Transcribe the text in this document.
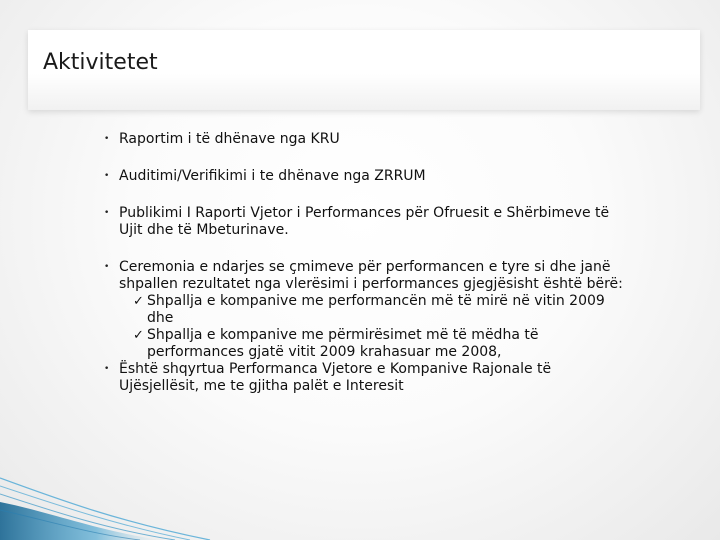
Aktivitetet
• Raportim i të dhënave nga KRU
• Auditimi/Verifikimi i te dhënave nga ZRRUM
• Publikimi I Raporti Vjetor i Performances për Ofruesit e Shërbimeve të
Ujit dhe të Mbeturinave.
• Ceremonia e ndarjes se çmimeve për performancen e tyre si dhe janë
shpallen rezultatet nga vlerësimi i performances gjegjësisht është bërë:
✓ Shpallja e kompanive me performancën më të mirë në vitin 2009
dhe
✓ Shpallja e kompanive me përmirësimet më të mëdha të
performances gjatë vitit 2009 krahasuar me 2008,
• Është shqyrtua Performanca Vjetore e Kompanive Rajonale të
Ujësjellësit, me te gjitha palët e Interesit
